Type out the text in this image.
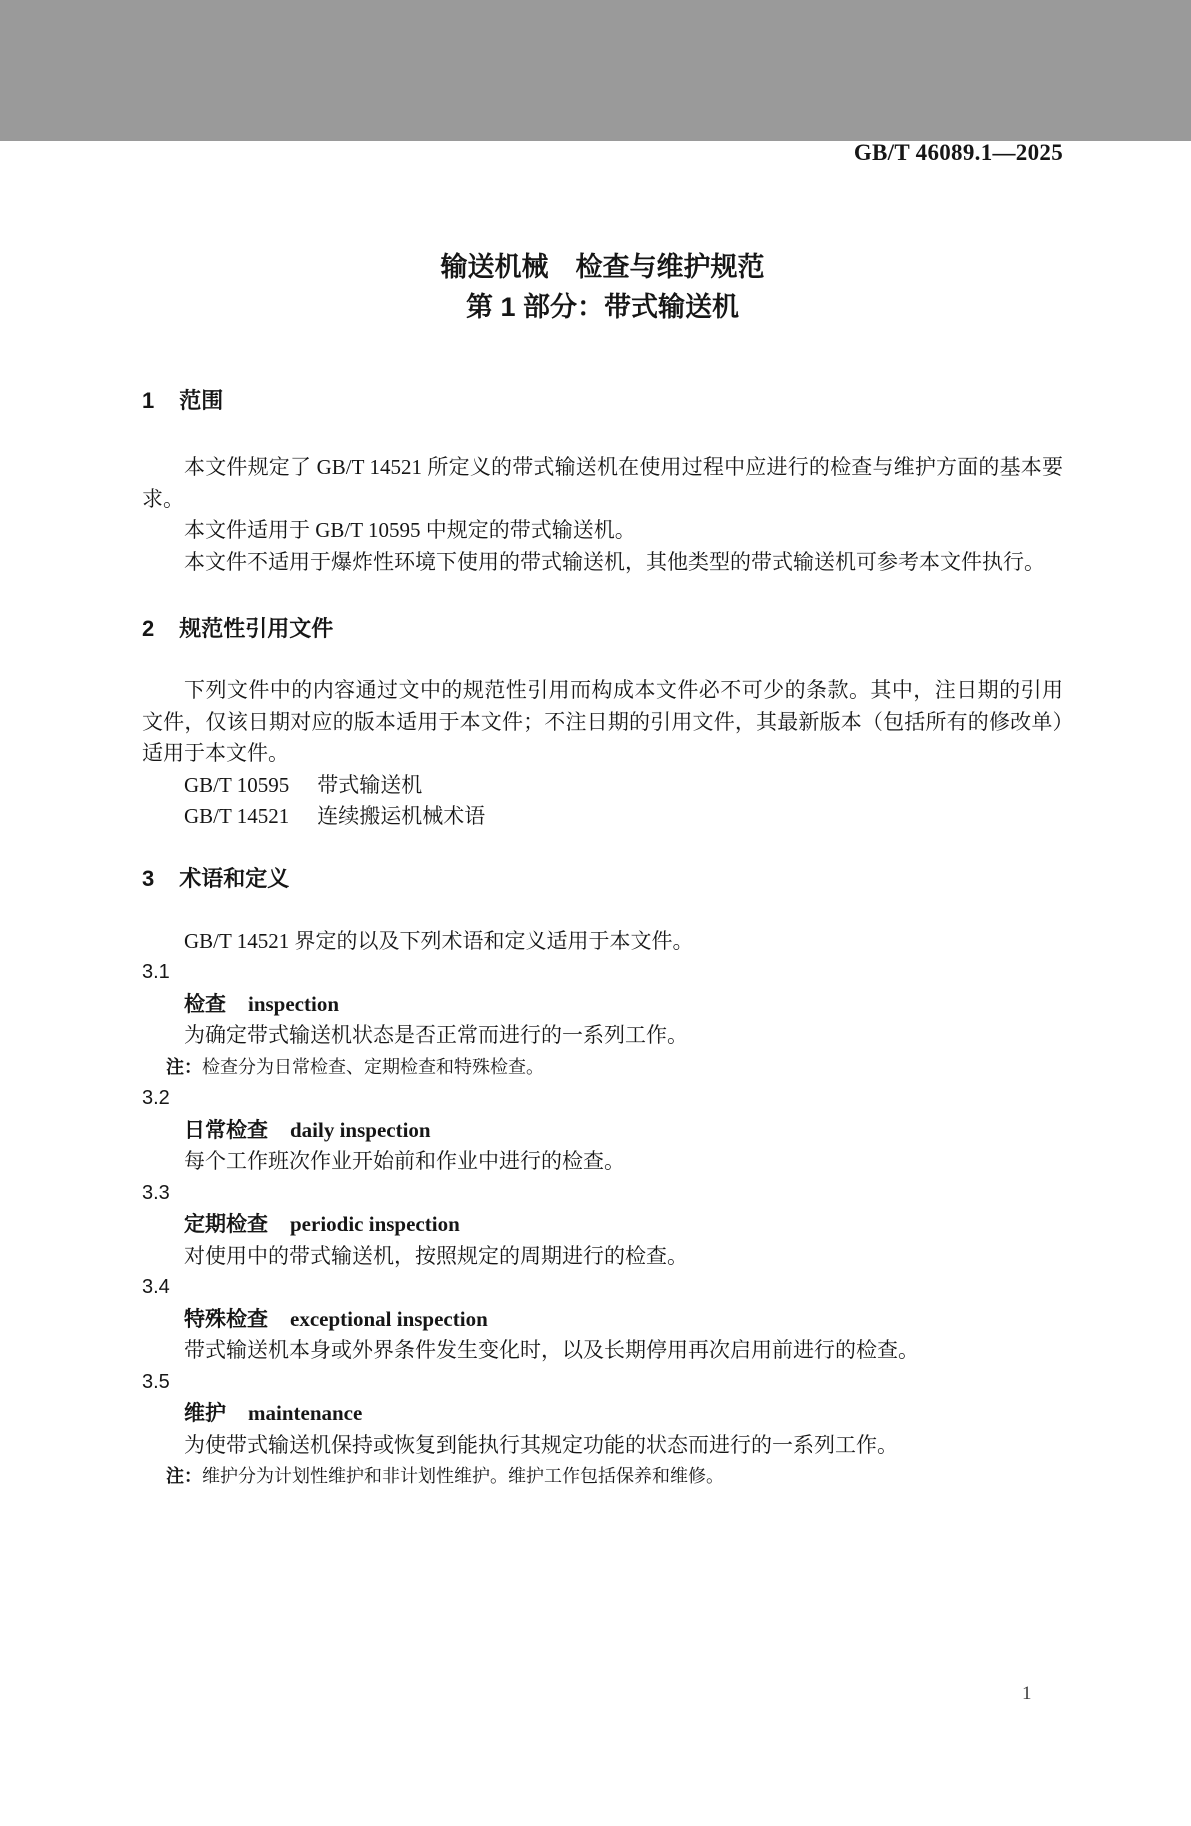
GB/T 46089.1—2025
输送机械　检查与维护规范
第 1 部分：带式输送机
1 范围

本文件规定了 GB/T 14521 所定义的带式输送机在使用过程中应进行的检查与维护方面的基本要求。

本文件适用于 GB/T 10595 中规定的带式输送机。

本文件不适用于爆炸性环境下使用的带式输送机，其他类型的带式输送机可参考本文件执行。

2 规范性引用文件

下列文件中的内容通过文中的规范性引用而构成本文件必不可少的条款。其中，注日期的引用文件，仅该日期对应的版本适用于本文件；不注日期的引用文件，其最新版本（包括所有的修改单）适用于本文件。

GB/T 10595 带式输送机
GB/T 14521 连续搬运机械术语
3 术语和定义

GB/T 14521 界定的以及下列术语和定义适用于本文件。

3.1
检查 inspection

为确定带式输送机状态是否正常而进行的一系列工作。

注：检查分为日常检查、定期检查和特殊检查。
3.2
日常检查 daily inspection

每个工作班次作业开始前和作业中进行的检查。

3.3
定期检查 periodic inspection

对使用中的带式输送机，按照规定的周期进行的检查。

3.4
特殊检查 exceptional inspection

带式输送机本身或外界条件发生变化时，以及长期停用再次启用前进行的检查。

3.5
维护 maintenance

为使带式输送机保持或恢复到能执行其规定功能的状态而进行的一系列工作。

注：维护分为计划性维护和非计划性维护。维护工作包括保养和维修。
1
